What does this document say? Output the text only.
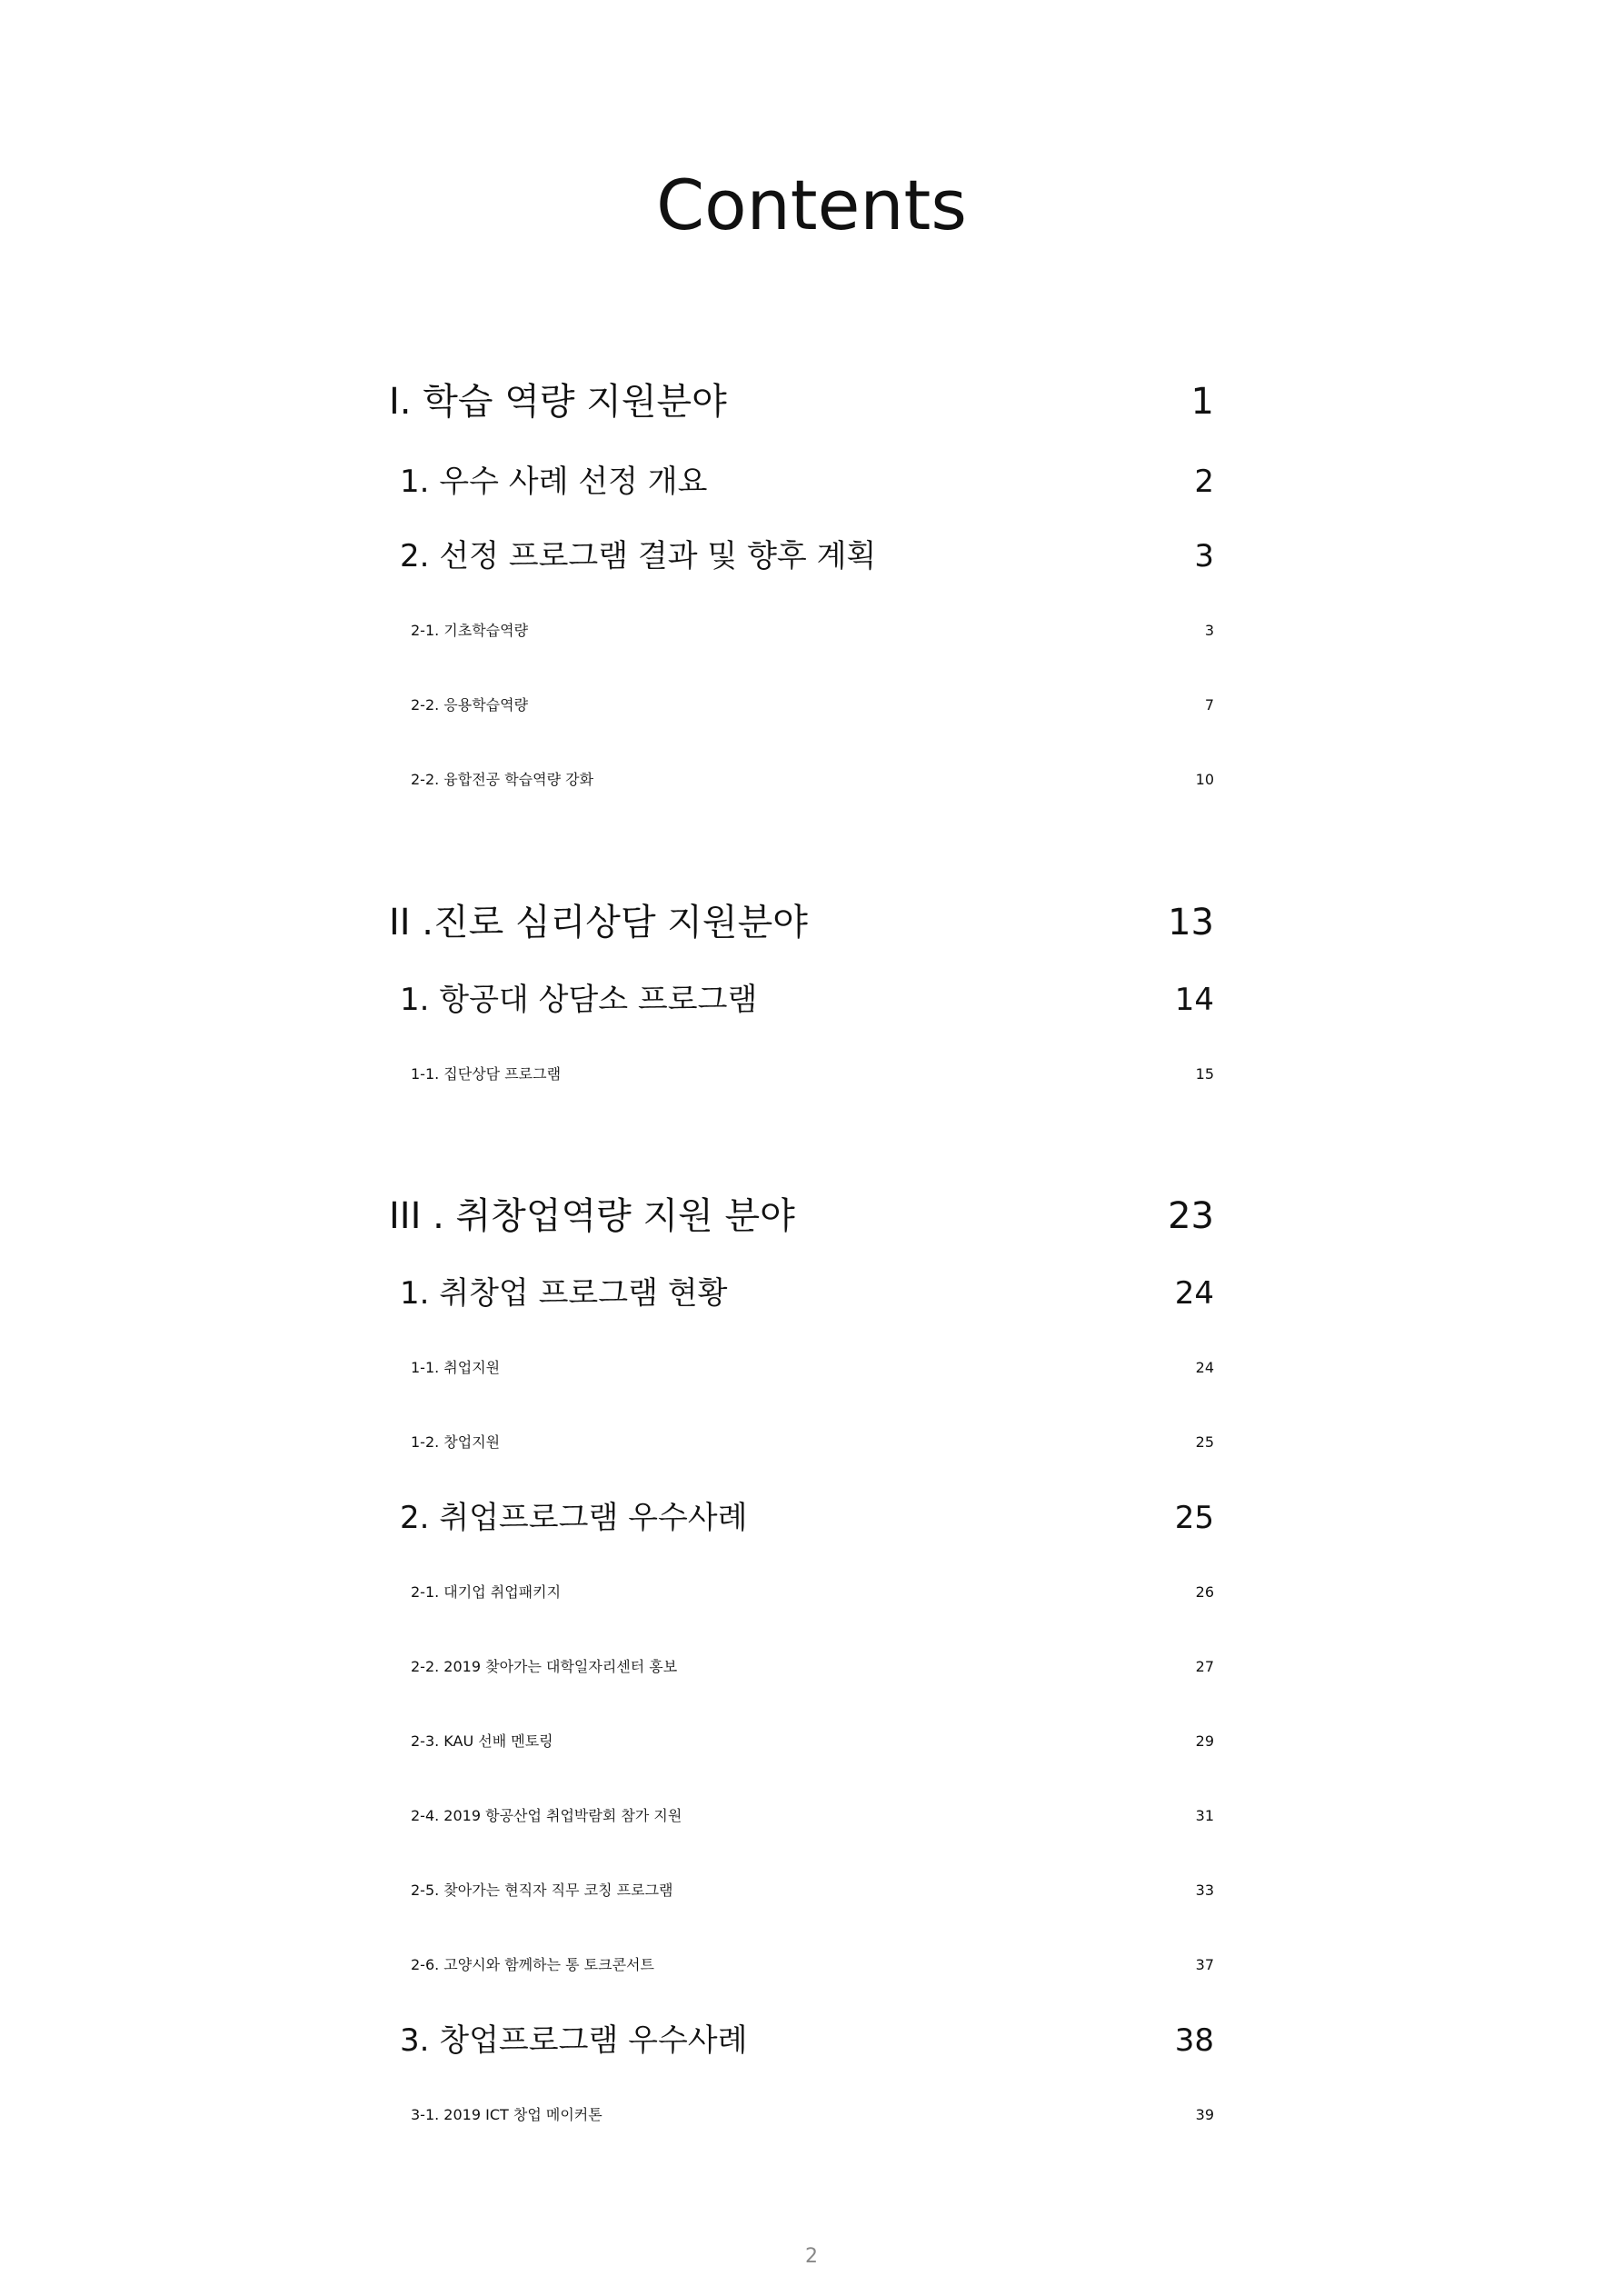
Contents
Ⅰ. 학습 역량 지원분야	1
1. 우수 사례 선정 개요	2
2. 선정 프로그램 결과 및 향후 계획	3
2-1. 기초학습역량	3
2-2. 응용학습역량	7
2-2. 융합전공 학습역량 강화	10
II .진로 심리상담 지원분야	13
1. 항공대 상담소 프로그램	14
1-1. 집단상담 프로그램	15
III . 취창업역량 지원 분야	23
1. 취창업 프로그램 현황	24
1-1. 취업지원	24
1-2. 창업지원	25
2. 취업프로그램 우수사례	25
2-1. 대기업 취업패키지	26
2-2. 2019 찾아가는 대학일자리센터 홍보	27
2-3. KAU 선배 멘토링	29
2-4. 2019 항공산업 취업박람회 참가 지원	31
2-5. 찾아가는 현직자 직무 코칭 프로그램	33
2-6. 고양시와 함께하는 통 토크콘서트	37
3. 창업프로그램 우수사례	38
3-1. 2019 ICT 창업 메이커톤	39
2
